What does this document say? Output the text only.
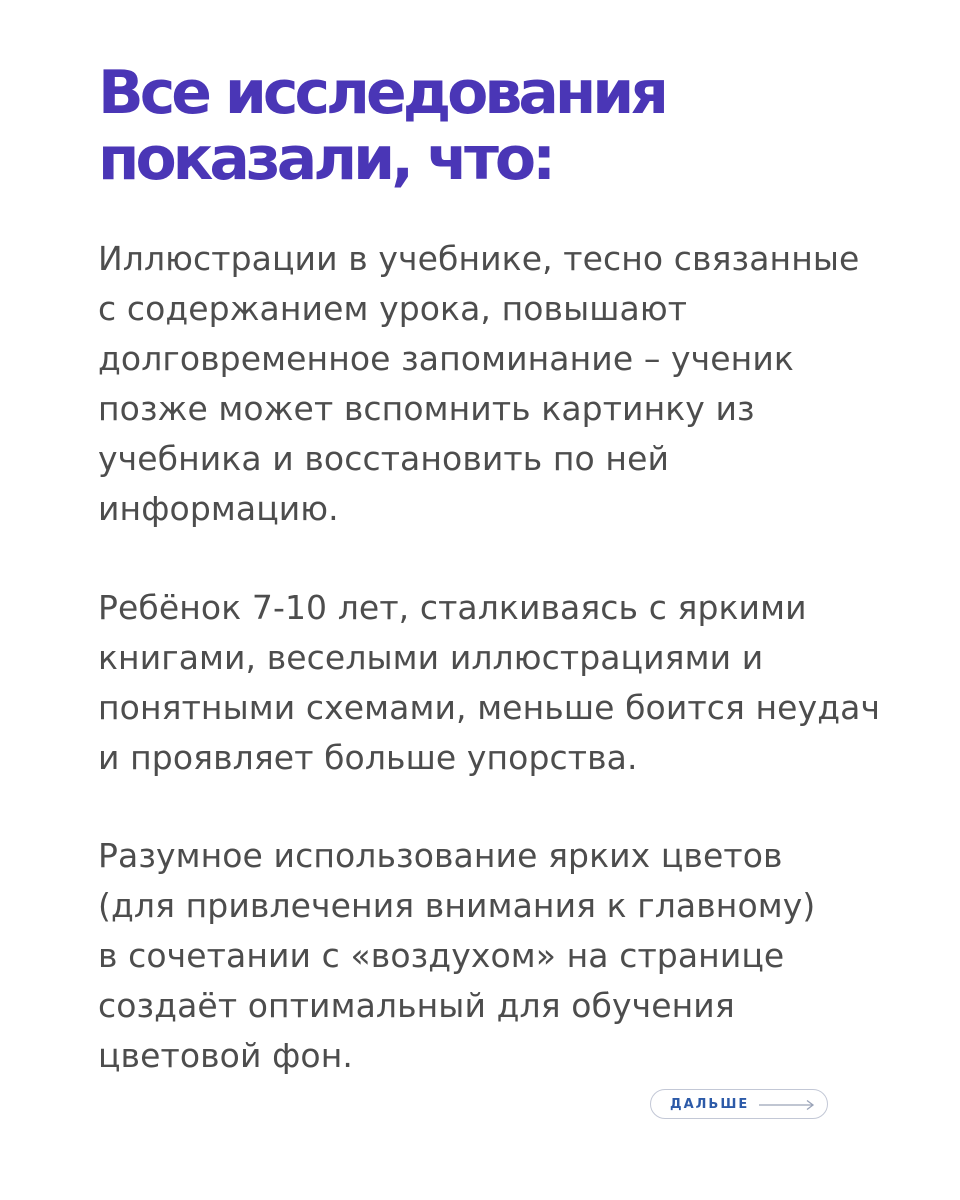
Все исследования показали, что:

Иллюстрации в учебнике, тесно связанные
с содержанием урока, повышают
долговременное запоминание – ученик
позже может вспомнить картинку из
учебника и восстановить по ней
информацию.

Ребёнок 7-10 лет, сталкиваясь с яркими
книгами, веселыми иллюстрациями и
понятными схемами, меньше боится неудач
и проявляет больше упорства.

Разумное использование ярких цветов
(для привлечения внимания к главному)
в сочетании с «воздухом» на странице
создаёт оптимальный для обучения
цветовой фон.

ДАЛЬШЕ
